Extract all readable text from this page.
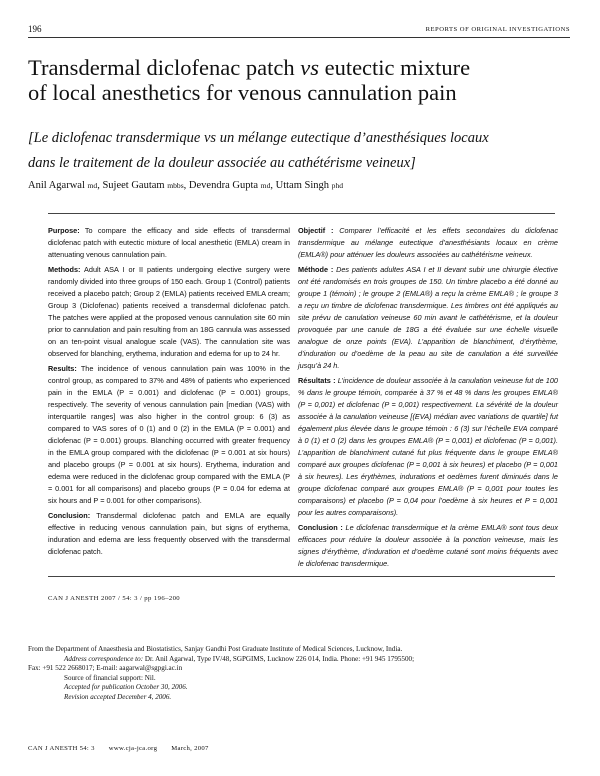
196	REPORTS OF ORIGINAL INVESTIGATIONS
Transdermal diclofenac patch vs eutectic mixture
of local anesthetics for venous cannulation pain
[Le diclofenac transdermique vs un mélange eutectique d’anesthésiques locaux
dans le traitement de la douleur associée au cathétérisme veineux]
Anil Agarwal md, Sujeet Gautam mbbs, Devendra Gupta md, Uttam Singh phd

Purpose: To compare the efficacy and side effects of transdermal diclofenac patch with eutectic mixture of local anesthetic (EMLA) cream in attenuating venous cannulation pain.

Methods: Adult ASA I or II patients undergoing elective surgery were randomly divided into three groups of 150 each. Group 1 (Control) patients received a placebo patch; Group 2 (EMLA) patients received EMLA cream; Group 3 (Diclofenac) patients received a transdermal diclofenac patch. The patches were applied at the proposed venous cannulation site 60 min prior to cannulation and pain resulting from an 18G cannula was assessed on an ten-point visual analogue scale (VAS). The cannulation site was observed for blanching, erythema, induration and edema for up to 24 hr.

Results: The incidence of venous cannulation pain was 100% in the control group, as compared to 37% and 48% of patients who experienced pain in the EMLA (P = 0.001) and diclofenac (P = 0.001) groups, respectively. The severity of venous cannulation pain [median (VAS) with interquartile ranges] was also higher in the control group: 6 (3) as compared to VAS sores of 0 (1) and 0 (2) in the EMLA (P = 0.001) and diclofenac (P = 0.001) groups. Blanching occurred with greater frequency in the EMLA group compared with the diclofenac (P = 0.001 at six hours) and placebo groups (P = 0.001 at six hours). Erythema, induration and edema were reduced in the diclofenac group compared with the EMLA (P = 0.001 for all comparisons) and placebo groups (P = 0.04 for edema at six hours and P = 0.001 for other comparisons).

Conclusion: Transdermal diclofenac patch and EMLA are equally effective in reducing venous cannulation pain, but signs of erythema, induration and edema are less frequently observed with the transdermal diclofenac patch.

Objectif : Comparer l’efficacité et les effets secondaires du diclofenac transdermique au mélange eutectique d’anesthésiants locaux en crème (EMLA®) pour atténuer les douleurs associées au cathétérisme veineux.

Méthode : Des patients adultes ASA I et II devant subir une chirurgie élective ont été randomisés en trois groupes de 150. Un timbre placebo a été donné au groupe 1 (témoin) ; le groupe 2 (EMLA®) a reçu la crème EMLA® ; le groupe 3 a reçu un timbre de diclofenac transdermique. Les timbres ont été appliqués au site prévu de canulation veineuse 60 min avant le cathétérisme, et la douleur provoquée par une canule de 18G a été évaluée sur une échelle visuelle analogue de onze points (EVA). L’apparition de blanchiment, d’érythème, d’induration ou d’oedème de la peau au site de canulation a été surveillée jusqu’à 24 h.

Résultats : L’incidence de douleur associée à la canulation veineuse fut de 100 % dans le groupe témoin, comparée à 37 % et 48 % dans les groupes EMLA® (P = 0,001) et diclofenac (P = 0,001) respectivement. La sévérité de la douleur associée à la canulation veineuse [(EVA) médian avec variations de quartile] fut également plus élevée dans le groupe témoin : 6 (3) sur l’échelle EVA comparé à 0 (1) et 0 (2) dans les groupes EMLA® (P = 0,001) et diclofenac (P = 0,001). L’apparition de blanchiment cutané fut plus fréquente dans le groupe EMLA® comparé aux groupes diclofenac (P = 0,001 à six heures) et placebo (P = 0,001 à six heures). Les érythèmes, indurations et oedèmes furent diminués dans le groupe diclofenac comparé aux groupes EMLA® (P = 0,001 pour toutes les comparaisons) et placebo (P = 0,04 pour l’oedème à six heures et P = 0,001 pour les autres comparaisons).

Conclusion : Le diclofenac transdermique et la crème EMLA® sont tous deux efficaces pour réduire la douleur associée à la ponction veineuse, mais les signes d’érythème, d’induration et d’oedème cutané sont moins fréquents avec le diclofenac transdermique.

CAN J ANESTH 2007 / 54: 3 / pp 196–200
From the Department of Anaesthesia and Biostatistics, Sanjay Gandhi Post Graduate Institute of Medical Sciences, Lucknow, India.
Address correspondence to: Dr. Anil Agarwal, Type IV/48, SGPGIMS, Lucknow 226 014, India. Phone: +91 945 1795500;
Fax: +91 522 2668017; E-mail: aagarwal@sgpgi.ac.in
Source of financial support: Nil.
Accepted for publication October 30, 2006.
Revision accepted December 4, 2006.
CAN J ANESTH 54: 3 www.cja-jca.org March, 2007
